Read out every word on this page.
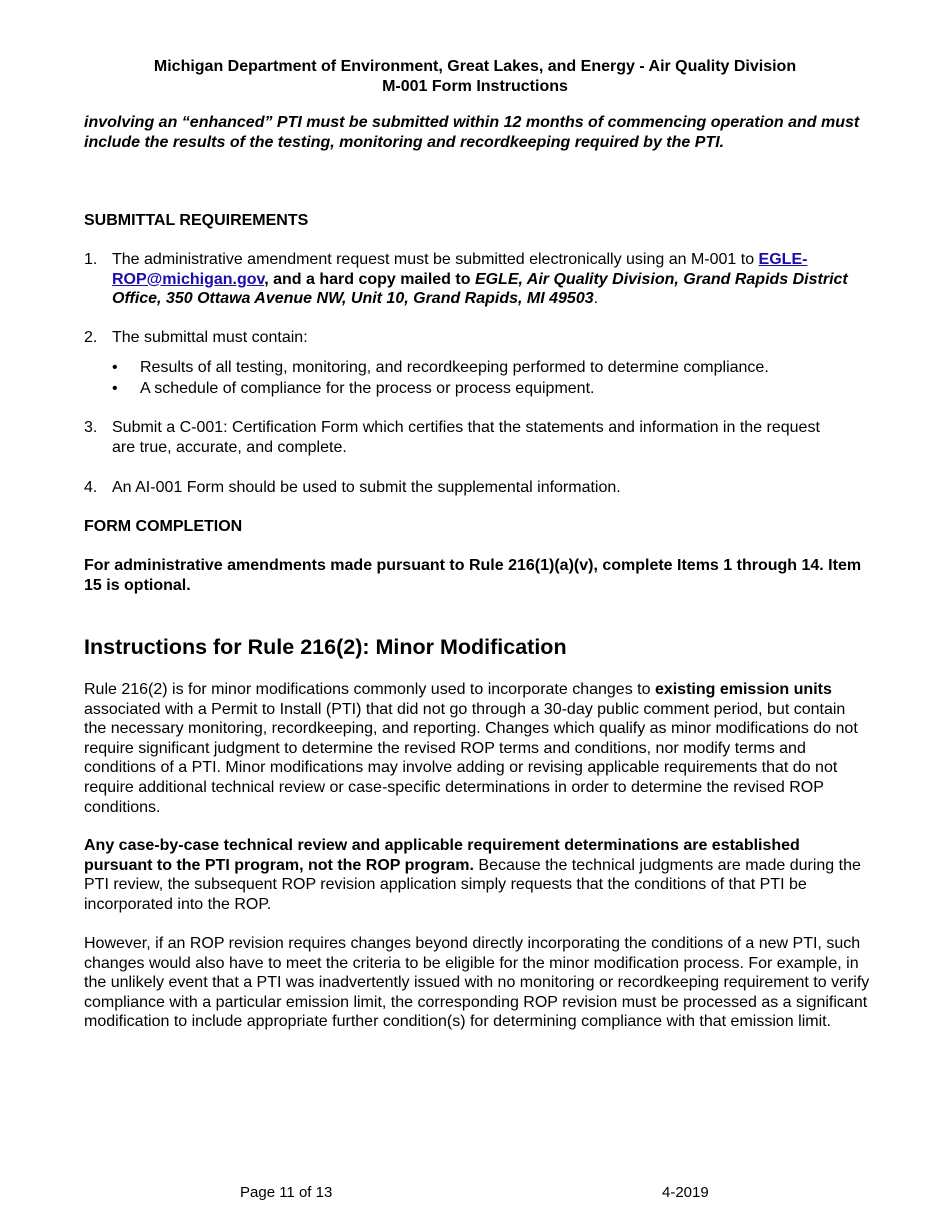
Michigan Department of Environment, Great Lakes, and Energy - Air Quality Division
M-001 Form Instructions
involving an “enhanced” PTI must be submitted within 12 months of commencing operation and must include the results of the testing, monitoring and recordkeeping required by the PTI.
SUBMITTAL REQUIREMENTS
1. The administrative amendment request must be submitted electronically using an M-001 to EGLE-ROP@michigan.gov, and a hard copy mailed to EGLE, Air Quality Division, Grand Rapids District Office, 350 Ottawa Avenue NW, Unit 10, Grand Rapids, MI 49503.
2. The submittal must contain:
• Results of all testing, monitoring, and recordkeeping performed to determine compliance.
• A schedule of compliance for the process or process equipment.
3. Submit a C-001: Certification Form which certifies that the statements and information in the request are true, accurate, and complete.
4. An AI-001 Form should be used to submit the supplemental information.
FORM COMPLETION
For administrative amendments made pursuant to Rule 216(1)(a)(v), complete Items 1 through 14. Item 15 is optional.
Instructions for Rule 216(2): Minor Modification
Rule 216(2) is for minor modifications commonly used to incorporate changes to existing emission units associated with a Permit to Install (PTI) that did not go through a 30-day public comment period, but contain the necessary monitoring, recordkeeping, and reporting. Changes which qualify as minor modifications do not require significant judgment to determine the revised ROP terms and conditions, nor modify terms and conditions of a PTI. Minor modifications may involve adding or revising applicable requirements that do not require additional technical review or case-specific determinations in order to determine the revised ROP conditions.
Any case-by-case technical review and applicable requirement determinations are established pursuant to the PTI program, not the ROP program. Because the technical judgments are made during the PTI review, the subsequent ROP revision application simply requests that the conditions of that PTI be incorporated into the ROP.
However, if an ROP revision requires changes beyond directly incorporating the conditions of a new PTI, such changes would also have to meet the criteria to be eligible for the minor modification process. For example, in the unlikely event that a PTI was inadvertently issued with no monitoring or recordkeeping requirement to verify compliance with a particular emission limit, the corresponding ROP revision must be processed as a significant modification to include appropriate further condition(s) for determining compliance with that emission limit.
Page 11 of 13	4-2019
